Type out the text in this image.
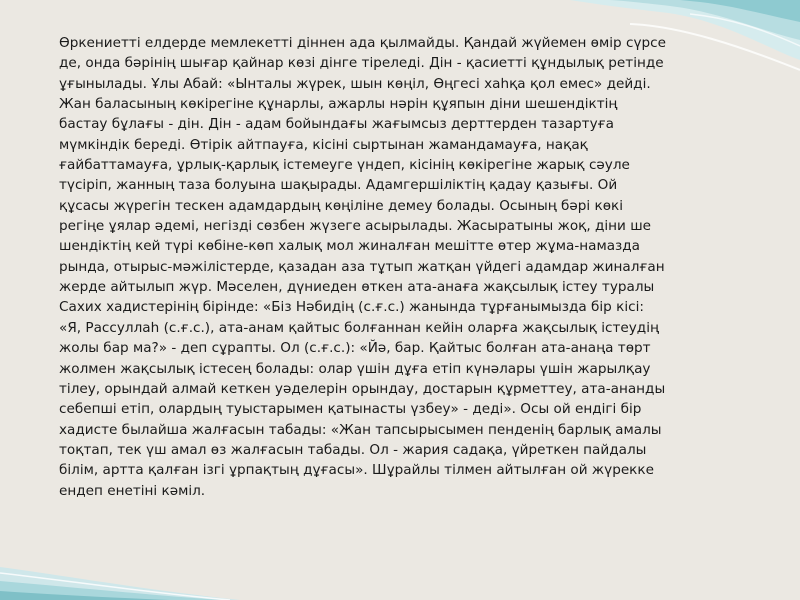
Өркениетті елдерде мемлекетті діннен ада қылмайды. Қандай жүйемен өмір сүрсе
де, онда бәрінің шығар қайнар көзі дінге тіреледі. Дін - қасиетті құндылық ретінде
ұғынылады. Ұлы Абай: «Ынталы жүрек, шын көңіл, Өңгесі хаһқа қол емес» дейді.
Жан баласының көкірегіне құнарлы, ажарлы нәрін құяпын діни шешендіктің
бастау бұлағы - дін. Дін - адам бойындағы жағымсыз дерттерден тазартуға
мүмкіндік береді. Өтірік айтпауға, кісіні сыртынан жамандамауға, нақақ
ғайбаттамауға, ұрлық-қарлық істемеуге үндеп, кісінің көкірегіне жарық сәуле
түсіріп, жанның таза болуына шақырады. Адамгершіліктің қадау қазығы. Ой
құсасы жүрегін тескен адамдардың көңіліне демеу болады. Осының бәрі көкі
регіңе ұялар әдемі, негізді сөзбен жүзеге асырылады. Жасыратыны жоқ, діни ше
шендіктің кей түрі көбіне-көп халық мол жиналған мешітте өтер жұма-намазда
рында, отырыс-мәжілістерде, қазадан аза тұтып жатқан үйдегі адамдар жиналған
жерде айтылып жүр. Мәселен, дүниеден өткен ата-анаға жақсылық істеу туралы
Сахих хадистерінің бірінде: «Біз Нәбидің (с.ғ.с.) жанында тұрғанымызда бір кісі:
«Я, Рассуллаһ (с.ғ.с.), ата-анам қайтыс болғаннан кейін оларға жақсылық істеудің
жолы бар ма?» - деп сұрапты. Ол (с.ғ.с.): «Йә, бар. Қайтыс болған ата-анаңа төрт
жолмен жақсылық істесең болады: олар үшін дұға етіп күнәлары үшін жарылқау
тілеу, орындай алмай кеткен уәделерін орындау, достарын құрметтеу, ата-ананды
себепші етіп, олардың туыстарымен қатынасты үзбеу» - деді». Осы ой ендігі бір
хадисте былайша жалғасын табады: «Жан тапсырысымен пенденің барлық амалы
тоқтап, тек үш амал өз жалғасын табады. Ол - жария садақа, үйреткен пайдалы
білім, артта қалған ізгі ұрпақтың дұғасы». Шұрайлы тілмен айтылған ой жүрекке
ендеп енетіні кәміл.
